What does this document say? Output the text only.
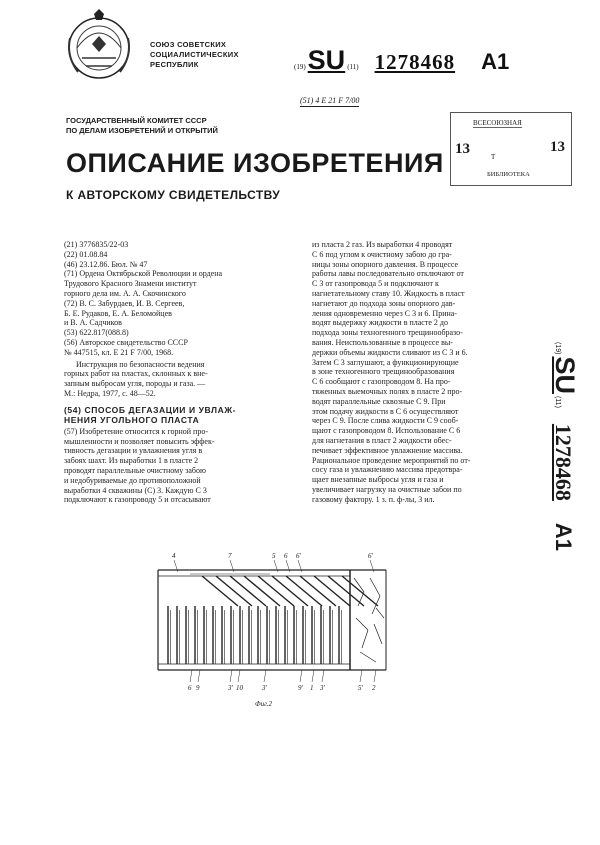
СОЮЗ СОВЕТСКИХ
СОЦИАЛИСТИЧЕСКИХ
РЕСПУБЛИК	(19) SU (11) 1278468 A1
(51) 4 Е 21 F 7/00
ГОСУДАРСТВЕННЫЙ КОМИТЕТ СССР
ПО ДЕЛАМ ИЗОБРЕТЕНИЙ И ОТКРЫТИЙ
ВСЕСОЮЗНАЯ
13	Т
13
БИБЛИОТЕКА
ОПИСАНИЕ ИЗОБРЕТЕНИЯ
К АВТОРСКОМУ СВИДЕТЕЛЬСТВУ
(21) 3776835/22-03
(22) 01.08.84
(46) 23.12.86. Бюл. № 47
(71) Ордена Октябрьской Революции и ордена
Трудового Красного Знамени институт
горного дела им. А. А. Скочинского
(72) В. С. Забурдаев, И. В. Сергеев,
Б. Е. Рудаков, Е. А. Беломойцев
и В. А. Садчиков
(53) 622.817(088.8)
(56) Авторское свидетельство СССР
№ 447515, кл. Е 21 F 7/00, 1968.
Инструкция по безопасности ведения
горных работ на пластах, склонных к вне-
запным выбросам угля, породы и газа. —
М.: Недра, 1977, с. 48—52.
(54) СПОСОБ ДЕГАЗАЦИИ И УВЛАЖ-
НЕНИЯ УГОЛЬНОГО ПЛАСТА
(57) Изобретение относится к горной про-
мышленности и позволяет повысить эффек-
тивность дегазации и увлажнения угля в
забоях шахт. Из выработки 1 в пласте 2
проводят параллельные очистному забою
и недобуриваемые до противоположной
выработки 4 скважины (С) 3. Каждую С 3
подключают к газопроводу 5 и отсасывают
из пласта 2 газ. Из выработки 4 проводят
С 6 под углом к очистному забою до гра-
ницы зоны опорного давления. В процессе
работы лавы последовательно отключают от
С 3 от газопровода 5 и подключают к
нагнетательному ставу 10. Жидкость в пласт
нагнетают до подхода зоны опорного дав-
ления одновременно через С 3 и 6. Прина-
водят выдержку жидкости в пласте 2 до
подхода зоны техногенного трещинообразо-
вания. Неиспользованные в процессе вы-
держки объемы жидкости сливают из С 3 и 6.
Затем С 3 заглушают, а функционирующие
в зоне техногенного трещинообразования
С 6 сообщают с газопроводом 8. На про-
тяженных выемочных полях в пласте 2 про-
водят параллельные сквозные С 9. При
этом подачу жидкости в С 6 осуществляют
через С 9. После слива жидкости С 9 сооб-
щают с газопроводом 8. Использование С 6
для нагнетания в пласт 2 жидкости обес-
печивает эффективное увлажнение массива.
Рациональное проведение мероприятий по от-
сосу газа и увлажнению массива предотвра-
щает внезапные выбросы угля и газа и
увеличивает нагрузку на очистные забои по
газовому фактору. 1 з. п. ф-лы, 3 ил.
(19)
SU
(11)
1278468
A1
4	7	5 6 6'	6'
6 9	3' 10	3'	9' 1 3'	5' 2
Фиг.2
